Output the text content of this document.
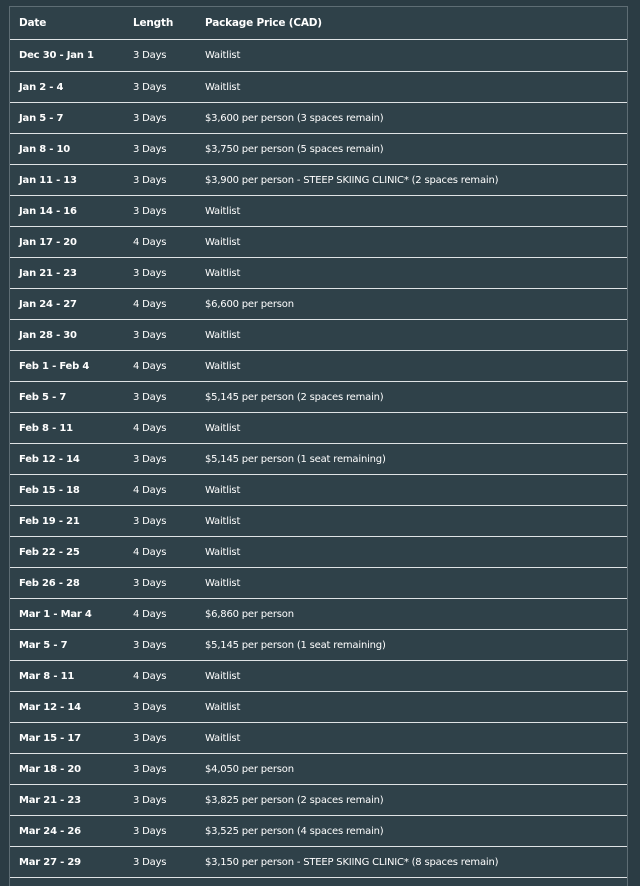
Date	Length	Package Price (CAD)
Dec 30 - Jan 1	3 Days	Waitlist
Jan 2 - 4	3 Days	Waitlist
Jan 5 - 7	3 Days	$3,600 per person (3 spaces remain)
Jan 8 - 10	3 Days	$3,750 per person (5 spaces remain)
Jan 11 - 13	3 Days	$3,900 per person - STEEP SKIING CLINIC* (2 spaces remain)
Jan 14 - 16	3 Days	Waitlist
Jan 17 - 20	4 Days	Waitlist
Jan 21 - 23	3 Days	Waitlist
Jan 24 - 27	4 Days	$6,600 per person
Jan 28 - 30	3 Days	Waitlist
Feb 1 - Feb 4	4 Days	Waitlist
Feb 5 - 7	3 Days	$5,145 per person (2 spaces remain)
Feb 8 - 11	4 Days	Waitlist
Feb 12 - 14	3 Days	$5,145 per person (1 seat remaining)
Feb 15 - 18	4 Days	Waitlist
Feb 19 - 21	3 Days	Waitlist
Feb 22 - 25	4 Days	Waitlist
Feb 26 - 28	3 Days	Waitlist
Mar 1 - Mar 4	4 Days	$6,860 per person
Mar 5 - 7	3 Days	$5,145 per person (1 seat remaining)
Mar 8 - 11	4 Days	Waitlist
Mar 12 - 14	3 Days	Waitlist
Mar 15 - 17	3 Days	Waitlist
Mar 18 - 20	3 Days	$4,050 per person
Mar 21 - 23	3 Days	$3,825 per person (2 spaces remain)
Mar 24 - 26	3 Days	$3,525 per person (4 spaces remain)
Mar 27 - 29	3 Days	$3,150 per person - STEEP SKIING CLINIC* (8 spaces remain)
